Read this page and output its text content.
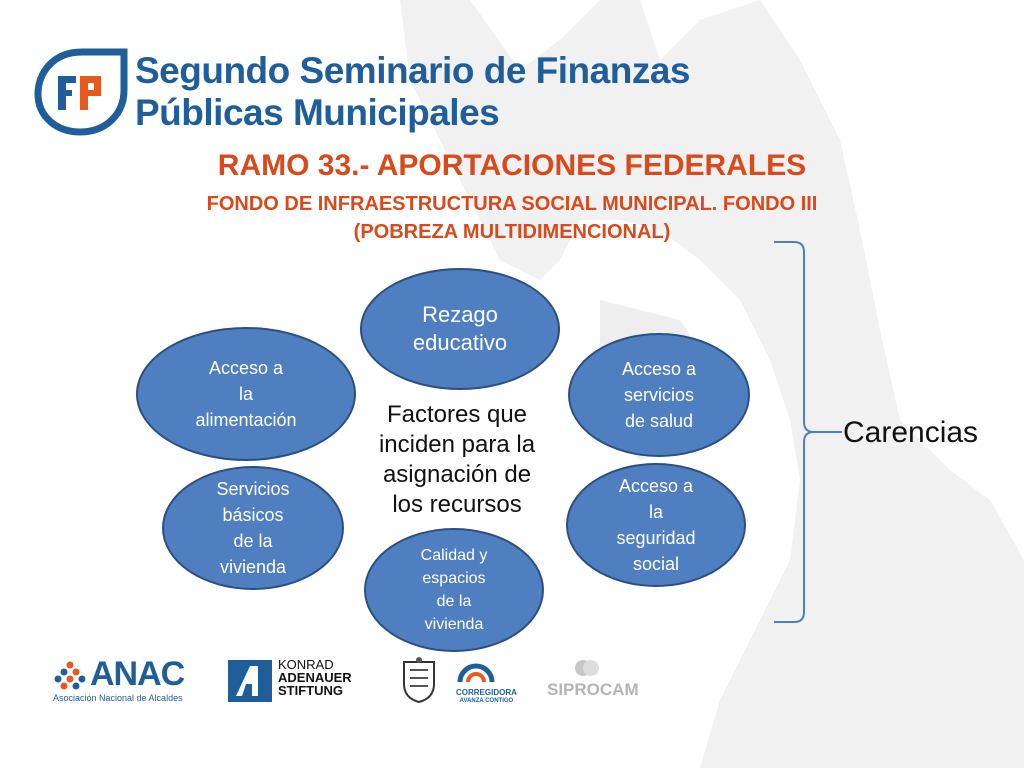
Segundo Seminario de Finanzas
Públicas Municipales
RAMO 33.- APORTACIONES FEDERALES
FONDO DE INFRAESTRUCTURA SOCIAL MUNICIPAL. FONDO III
(POBREZA MULTIDIMENCIONAL)
Rezago
educativo
Acceso a
la
alimentación
Acceso a
servicios
de salud
Servicios
básicos
de la
vivienda
Acceso a
la
seguridad
social
Factores que
inciden para la
asignación de
los recursos
Calidad y
espacios
de la
vivienda
Carencias
ANAC
Asociación Nacional de Alcaldes
KONRAD
ADENAUER
STIFTUNG	CORREGIDORA
AVANZA CONTIGO
SIPROCAM
